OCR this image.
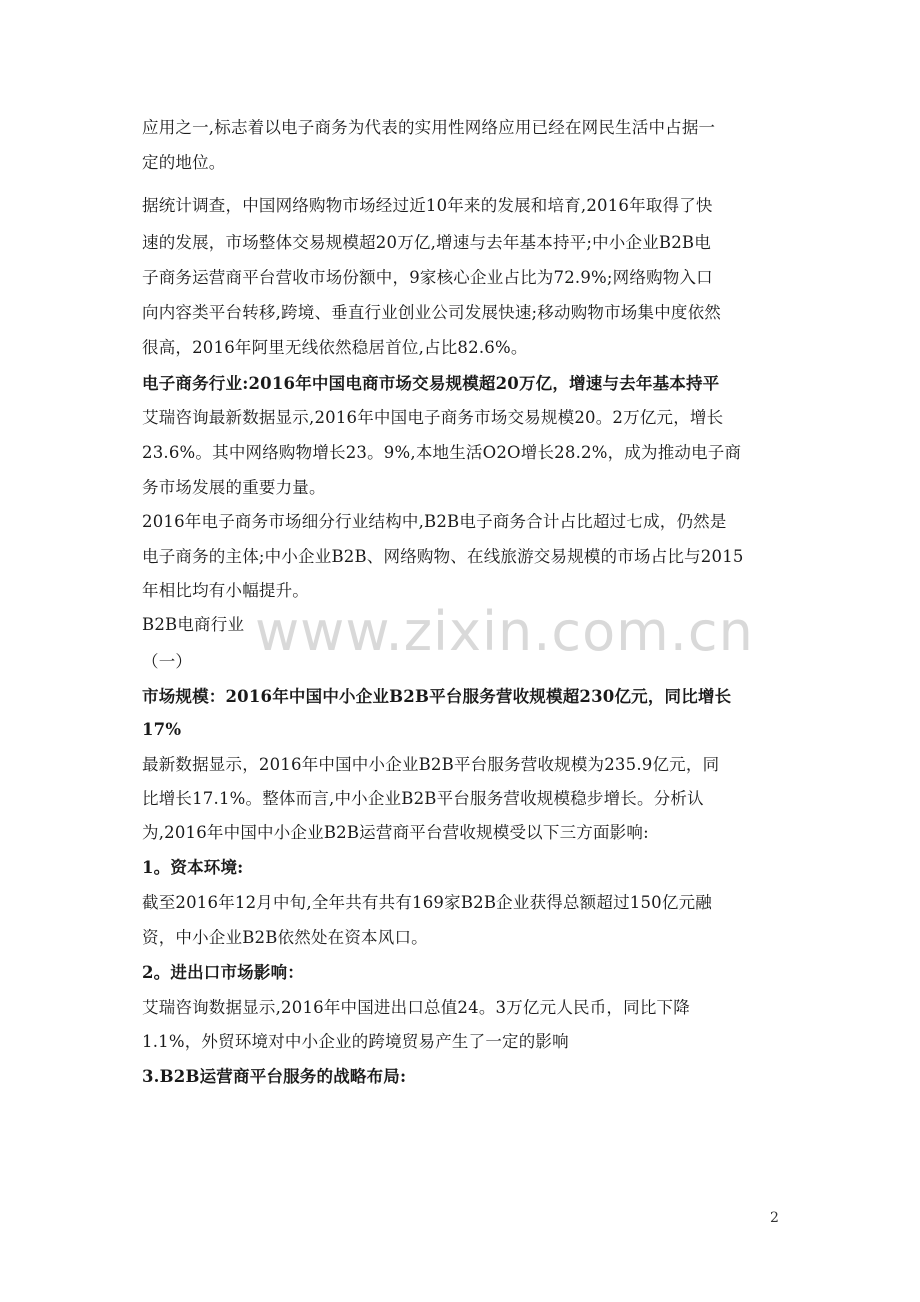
www.zixin.com.cn
应用之一,标志着以电子商务为代表的实用性网络应用已经在网民生活中占据一
定的地位。
据统计调查，中国网络购物市场经过近10年来的发展和培育,2016年取得了快
速的发展，市场整体交易规模超20万亿,增速与去年基本持平;中小企业B2B电
子商务运营商平台营收市场份额中，9家核心企业占比为72.9%;网络购物入口
向内容类平台转移,跨境、垂直行业创业公司发展快速;移动购物市场集中度依然
很高，2016年阿里无线依然稳居首位,占比82.6%。
电子商务行业:2016年中国电商市场交易规模超20万亿，增速与去年基本持平
艾瑞咨询最新数据显示,2016年中国电子商务市场交易规模20。2万亿元，增长
23.6%。其中网络购物增长23。9%,本地生活O2O增长28.2%，成为推动电子商
务市场发展的重要力量。
2016年电子商务市场细分行业结构中,B2B电子商务合计占比超过七成，仍然是
电子商务的主体;中小企业B2B、网络购物、在线旅游交易规模的市场占比与2015
年相比均有小幅提升。
B2B电商行业
（一）
市场规模：2016年中国中小企业B2B平台服务营收规模超230亿元，同比增长
17%
最新数据显示，2016年中国中小企业B2B平台服务营收规模为235.9亿元，同
比增长17.1%。整体而言,中小企业B2B平台服务营收规模稳步增长。分析认
为,2016年中国中小企业B2B运营商平台营收规模受以下三方面影响:
1。资本环境:
截至2016年12月中旬,全年共有共有169家B2B企业获得总额超过150亿元融
资，中小企业B2B依然处在资本风口。
2。进出口市场影响：
艾瑞咨询数据显示,2016年中国进出口总值24。3万亿元人民币，同比下降
1.1%，外贸环境对中小企业的跨境贸易产生了一定的影响
3.B2B运营商平台服务的战略布局:
2
